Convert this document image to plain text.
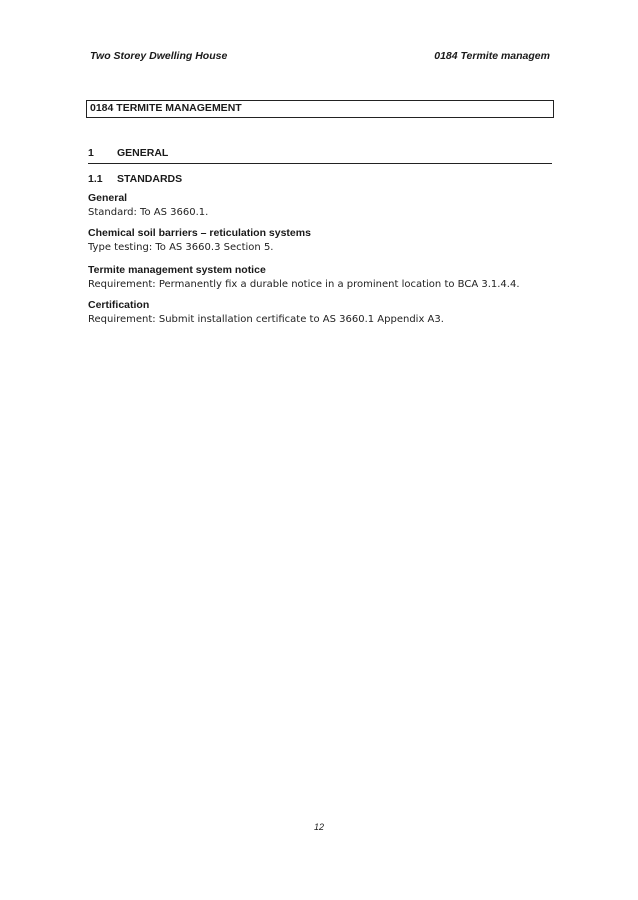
Two Storey Dwelling House	0184 Termite managem
0184 TERMITE MANAGEMENT
1 GENERAL
1.1 STANDARDS
General
Standard: To AS 3660.1.
Chemical soil barriers – reticulation systems
Type testing: To AS 3660.3 Section 5.
Termite management system notice
Requirement: Permanently fix a durable notice in a prominent location to BCA 3.1.4.4.
Certification
Requirement: Submit installation certificate to AS 3660.1 Appendix A3.
12
